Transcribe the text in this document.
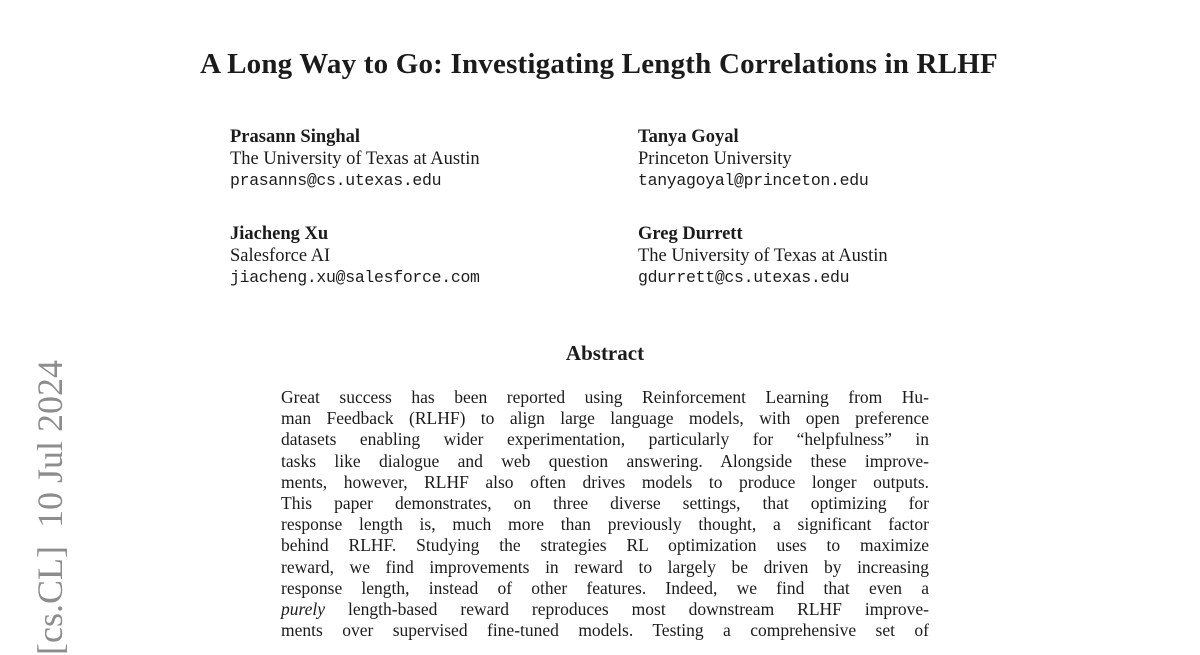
[cs.CL]  10 Jul 2024
A Long Way to Go: Investigating Length Correlations in RLHF
Prasann Singhal
The University of Texas at Austin
prasanns@cs.utexas.edu
Tanya Goyal
Princeton University
tanyagoyal@princeton.edu
Jiacheng Xu
Salesforce AI
jiacheng.xu@salesforce.com
Greg Durrett
The University of Texas at Austin
gdurrett@cs.utexas.edu
Abstract
Great success has been reported using Reinforcement Learning from Hu-
man Feedback (RLHF) to align large language models, with open preference
datasets enabling wider experimentation, particularly for “helpfulness” in
tasks like dialogue and web question answering. Alongside these improve-
ments, however, RLHF also often drives models to produce longer outputs.
This paper demonstrates, on three diverse settings, that optimizing for
response length is, much more than previously thought, a significant factor
behind RLHF. Studying the strategies RL optimization uses to maximize
reward, we find improvements in reward to largely be driven by increasing
response length, instead of other features. Indeed, we find that even a
purely length-based reward reproduces most downstream RLHF improve-
ments over supervised fine-tuned models. Testing a comprehensive set of
